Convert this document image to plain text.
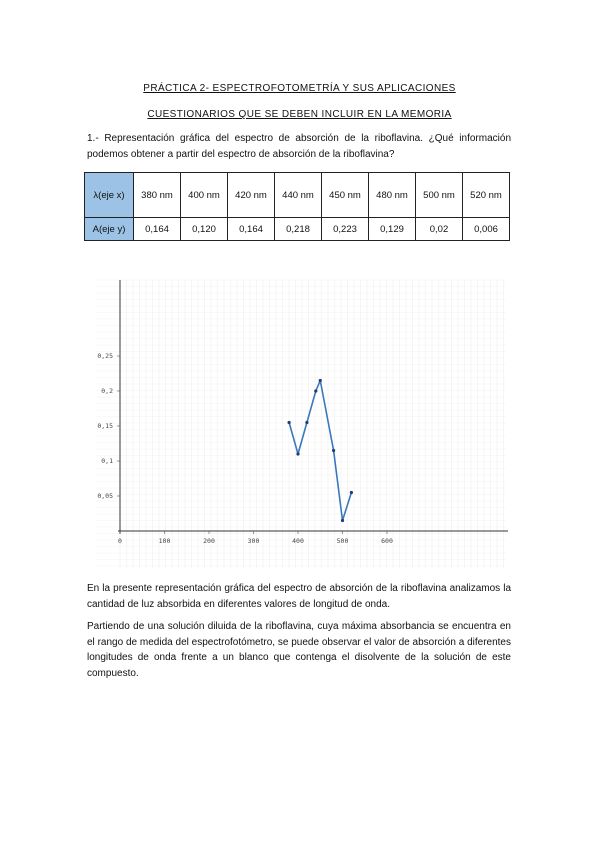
PRÁCTICA 2- ESPECTROFOTOMETRÍA Y SUS APLICACIONES
CUESTIONARIOS QUE SE DEBEN INCLUIR EN LA MEMORIA
1.- Representación gráfica del espectro de absorción de la riboflavina. ¿Qué información podemos obtener a partir del espectro de absorción de la riboflavina?
λ(eje x)	380 nm	400 nm	420 nm	440 nm	450 nm	480 nm	500 nm	520 nm
A(eje y)	0,164	0,120	0,164	0,218	0,223	0,129	0,02	0,006
0	100	200	300	400	500	600
0,05
0,1
0,15
0,2
0,25
En la presente representación gráfica del espectro de absorción de la riboflavina analizamos la cantidad de luz absorbida en diferentes valores de longitud de onda.
Partiendo de una solución diluida de la riboflavina, cuya máxima absorbancia se encuentra en el rango de medida del espectrofotómetro, se puede observar el valor de absorción a diferentes longitudes de onda frente a un blanco que contenga el disolvente de la solución de este compuesto.
